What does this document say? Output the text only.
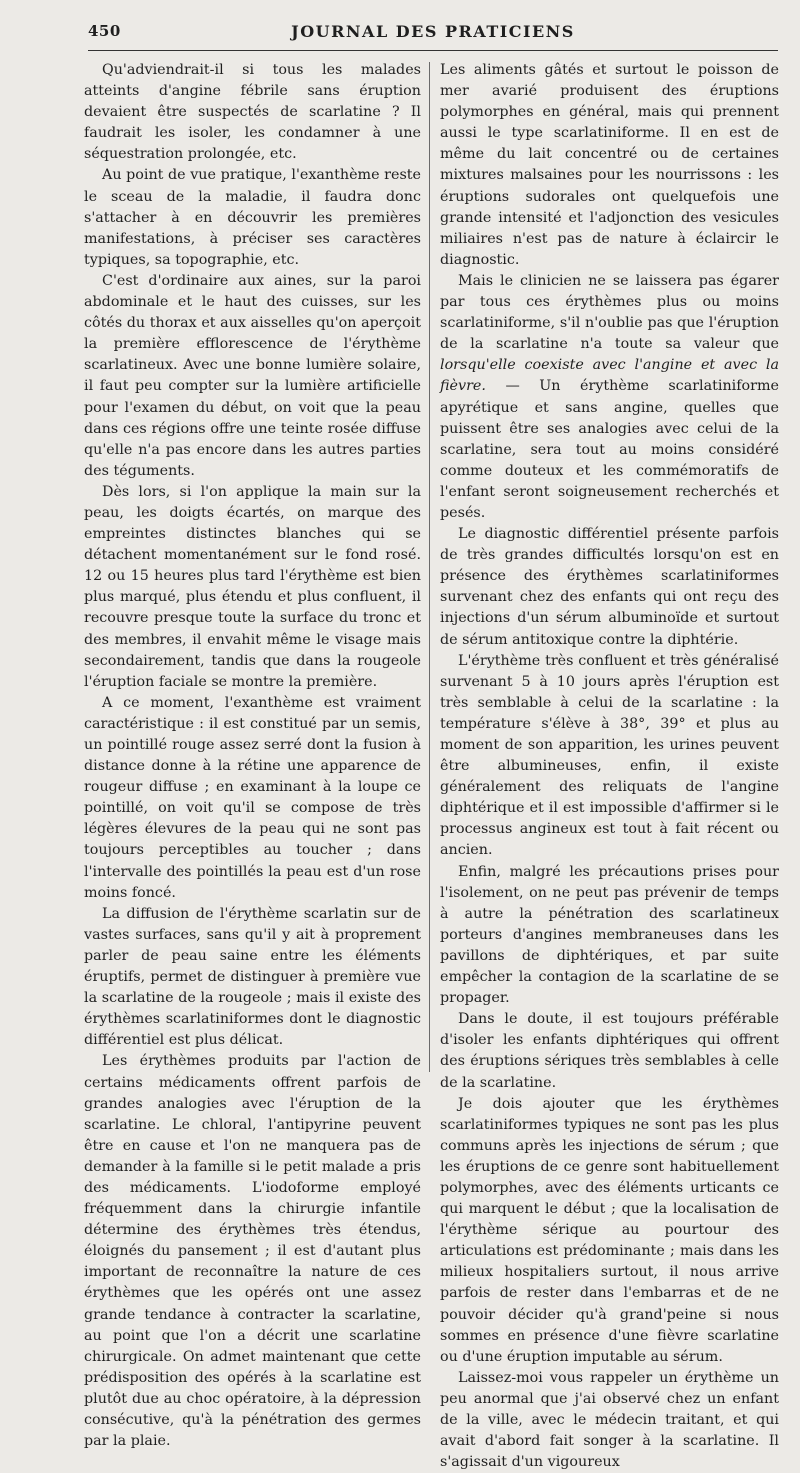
450	JOURNAL DES PRATICIENS

Qu'adviendrait-il si tous les malades atteints d'angine fébrile sans éruption devaient être suspectés de scarlatine ? Il faudrait les isoler, les condamner à une séquestration prolongée, etc.

Au point de vue pratique, l'exanthème reste le sceau de la maladie, il faudra donc s'attacher à en découvrir les premières manifestations, à préciser ses caractères typiques, sa topographie, etc.

C'est d'ordinaire aux aines, sur la paroi abdominale et le haut des cuisses, sur les côtés du thorax et aux aisselles qu'on aperçoit la première efflorescence de l'érythème scarlatineux. Avec une bonne lumière solaire, il faut peu compter sur la lumière artificielle pour l'examen du début, on voit que la peau dans ces régions offre une teinte rosée diffuse qu'elle n'a pas encore dans les autres parties des téguments.

Dès lors, si l'on applique la main sur la peau, les doigts écartés, on marque des empreintes distinctes blanches qui se détachent momentanément sur le fond rosé. 12 ou 15 heures plus tard l'érythème est bien plus marqué, plus étendu et plus confluent, il recouvre presque toute la surface du tronc et des membres, il envahit même le visage mais secondairement, tandis que dans la rougeole l'éruption faciale se montre la première.

A ce moment, l'exanthème est vraiment caractéristique : il est constitué par un semis, un pointillé rouge assez serré dont la fusion à distance donne à la rétine une apparence de rougeur diffuse ; en examinant à la loupe ce pointillé, on voit qu'il se compose de très légères élevures de la peau qui ne sont pas toujours perceptibles au toucher ; dans l'intervalle des pointillés la peau est d'un rose moins foncé.

La diffusion de l'érythème scarlatin sur de vastes surfaces, sans qu'il y ait à proprement parler de peau saine entre les éléments éruptifs, permet de distinguer à première vue la scarlatine de la rougeole ; mais il existe des érythèmes scarlatiniformes dont le diagnostic différentiel est plus délicat.

Les érythèmes produits par l'action de certains médicaments offrent parfois de grandes analogies avec l'éruption de la scarlatine. Le chloral, l'antipyrine peuvent être en cause et l'on ne manquera pas de demander à la famille si le petit malade a pris des médicaments. L'iodoforme employé fréquemment dans la chirurgie infantile détermine des érythèmes très étendus, éloignés du pansement ; il est d'autant plus important de reconnaître la nature de ces érythèmes que les opérés ont une assez grande tendance à contracter la scarlatine, au point que l'on a décrit une scarlatine chirurgicale. On admet maintenant que cette prédisposition des opérés à la scarlatine est plutôt due au choc opératoire, à la dépression consécutive, qu'à la pénétration des germes par la plaie.

Les aliments gâtés et surtout le poisson de mer avarié produisent des éruptions polymorphes en général, mais qui prennent aussi le type scarlatiniforme. Il en est de même du lait concentré ou de certaines mixtures malsaines pour les nourrissons : les éruptions sudorales ont quelquefois une grande intensité et l'adjonction des vesicules miliaires n'est pas de nature à éclaircir le diagnostic.

Mais le clinicien ne se laissera pas égarer par tous ces érythèmes plus ou moins scarlatiniforme, s'il n'oublie pas que l'éruption de la scarlatine n'a toute sa valeur que lorsqu'elle coexiste avec l'angine et avec la fièvre. — Un érythème scarlatiniforme apyrétique et sans angine, quelles que puissent être ses analogies avec celui de la scarlatine, sera tout au moins considéré comme douteux et les commémoratifs de l'enfant seront soigneusement recherchés et pesés.

Le diagnostic différentiel présente parfois de très grandes difficultés lorsqu'on est en présence des érythèmes scarlatiniformes survenant chez des enfants qui ont reçu des injections d'un sérum albuminoïde et surtout de sérum antitoxique contre la diphtérie.

L'érythème très confluent et très généralisé survenant 5 à 10 jours après l'éruption est très semblable à celui de la scarlatine : la température s'élève à 38°, 39° et plus au moment de son apparition, les urines peuvent être albumineuses, enfin, il existe généralement des reliquats de l'angine diphtérique et il est impossible d'affirmer si le processus angineux est tout à fait récent ou ancien.

Enfin, malgré les précautions prises pour l'isolement, on ne peut pas prévenir de temps à autre la pénétration des scarlatineux porteurs d'angines membraneuses dans les pavillons de diphtériques, et par suite empêcher la contagion de la scarlatine de se propager.

Dans le doute, il est toujours préférable d'isoler les enfants diphtériques qui offrent des éruptions sériques très semblables à celle de la scarlatine.

Je dois ajouter que les érythèmes scarlatiniformes typiques ne sont pas les plus communs après les injections de sérum ; que les éruptions de ce genre sont habituellement polymorphes, avec des éléments urticants ce qui marquent le début ; que la localisation de l'érythème sérique au pourtour des articulations est prédominante ; mais dans les milieux hospitaliers surtout, il nous arrive parfois de rester dans l'embarras et de ne pouvoir décider qu'à grand'peine si nous sommes en présence d'une fièvre scarlatine ou d'une éruption imputable au sérum.

Laissez-moi vous rappeler un érythème un peu anormal que j'ai observé chez un enfant de la ville, avec le médecin traitant, et qui avait d'abord fait songer à la scarlatine. Il s'agissait d'un vigoureux
